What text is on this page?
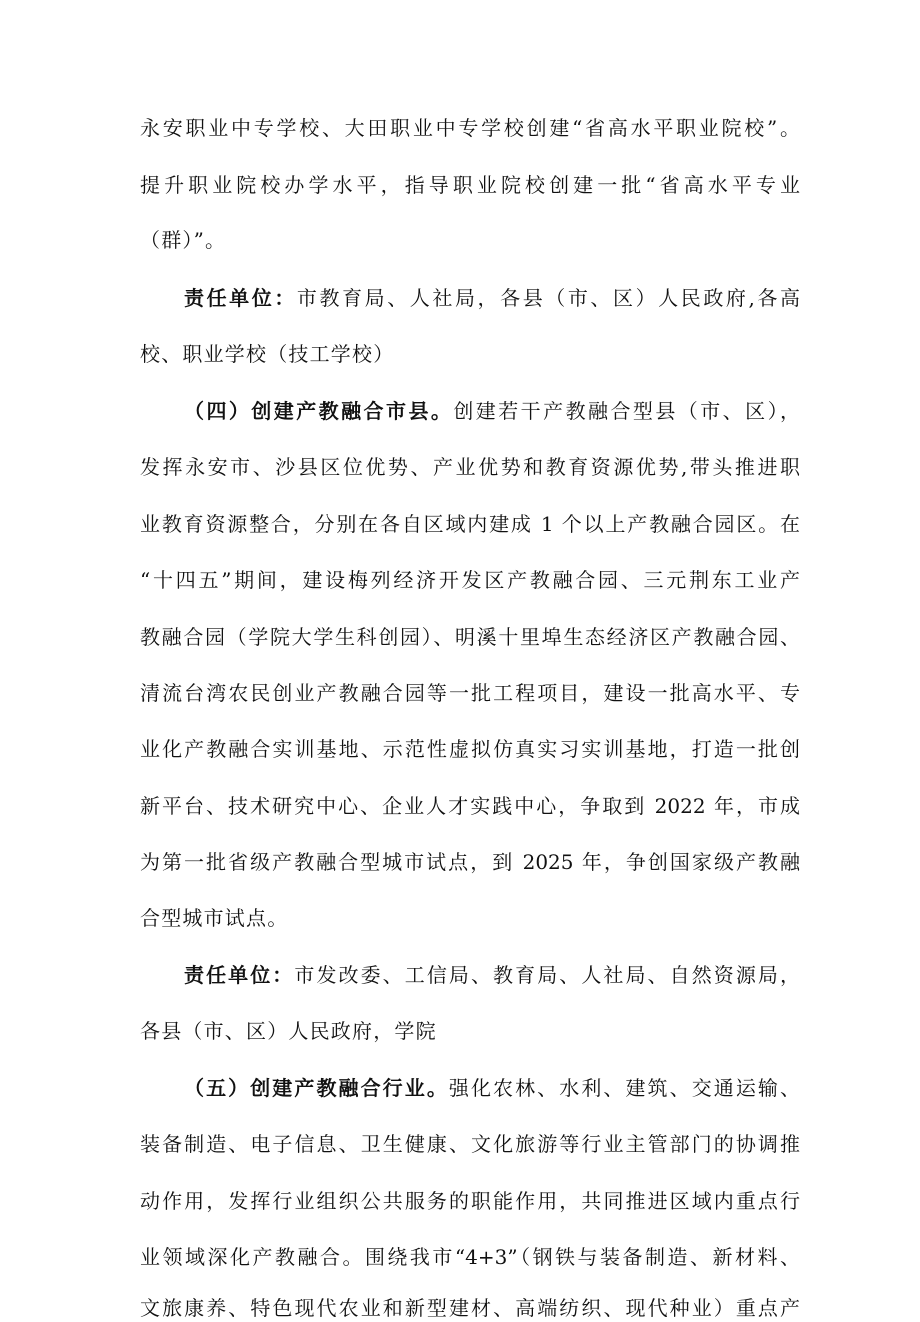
永安职业中专学校、大田职业中专学校创建“省高水平职业院校”。
提升职业院校办学水平，指导职业院校创建一批“省高水平专业
（群）”。
责任单位：市教育局、人社局，各县（市、区）人民政府,各高
校、职业学校（技工学校）
（四）创建产教融合市县。创建若干产教融合型县（市、区），
发挥永安市、沙县区位优势、产业优势和教育资源优势,带头推进职
业教育资源整合，分别在各自区域内建成 1 个以上产教融合园区。在
“十四五”期间，建设梅列经济开发区产教融合园、三元荆东工业产
教融合园（学院大学生科创园）、明溪十里埠生态经济区产教融合园、
清流台湾农民创业产教融合园等一批工程项目，建设一批高水平、专
业化产教融合实训基地、示范性虚拟仿真实习实训基地，打造一批创
新平台、技术研究中心、企业人才实践中心，争取到 2022 年，市成
为第一批省级产教融合型城市试点，到 2025 年，争创国家级产教融
合型城市试点。
责任单位：市发改委、工信局、教育局、人社局、自然资源局，
各县（市、区）人民政府，学院
（五）创建产教融合行业。强化农林、水利、建筑、交通运输、
装备制造、电子信息、卫生健康、文化旅游等行业主管部门的协调推
动作用，发挥行业组织公共服务的职能作用，共同推进区域内重点行
业领域深化产教融合。围绕我市“4+3”（钢铁与装备制造、新材料、
文旅康养、特色现代农业和新型建材、高端纺织、现代种业）重点产
